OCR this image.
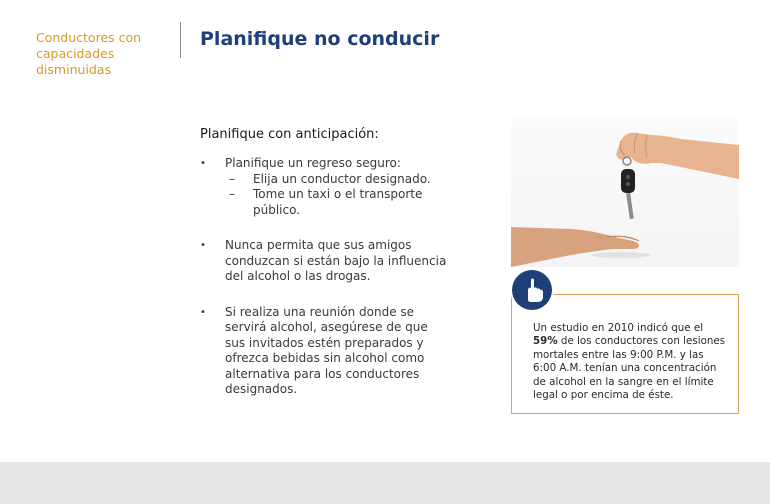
Conductores con capacidades disminuidas
Planifique no conducir
Planifique con anticipación:
• Planifique un regreso seguro:
– Elija un conductor designado.
– Tome un taxi o el transporte público.
• Nunca permita que sus amigos conduzcan si están bajo la influencia del alcohol o las drogas.
• Si realiza una reunión donde se servirá alcohol, asegúrese de que sus invitados estén preparados y ofrezca bebidas sin alcohol como alternativa para los conductores designados.

Un estudio en 2010 indicó que el 59% de los conductores con lesiones mortales entre las 9:00 P.M. y las 6:00 A.M. tenían una concentración de alcohol en la sangre en el límite legal o por encima de éste.
